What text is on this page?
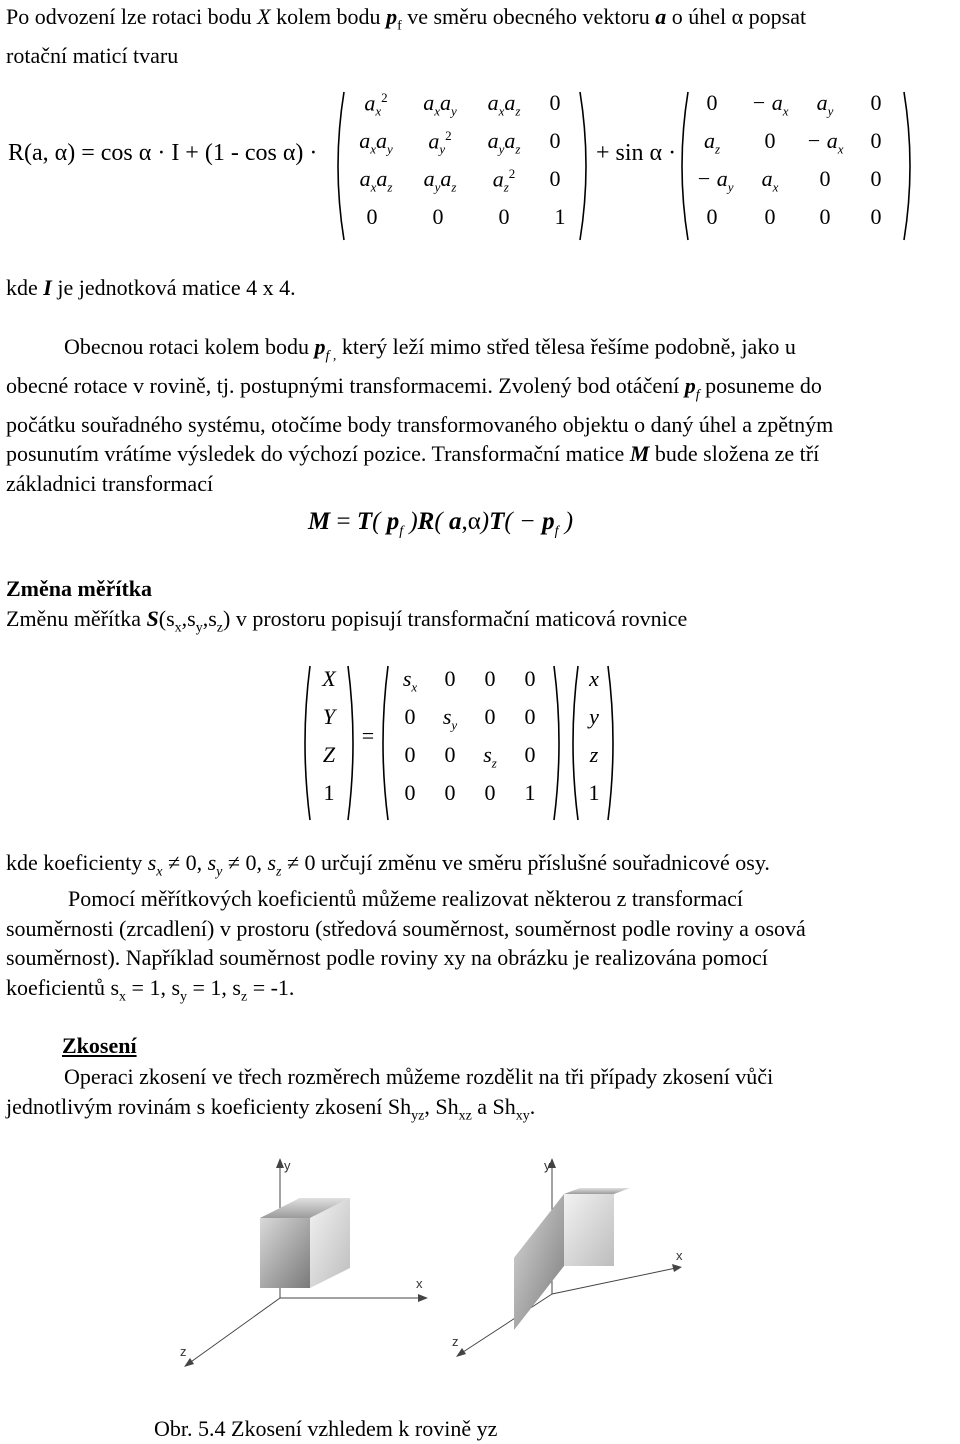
Po odvození lze rotaci bodu X kolem bodu $p_f$ ve směru obecného vektoru a o úhel α popsat
rotační maticí tvaru

R(a, α) = cos α · I + (1 - cos α) ·
$a_x^2$	$a_xa_y$	$a_xa_z$	0
$a_xa_y$	$a_y^2$	$a_ya_z$	0
$a_xa_z$	$a_ya_z$	$a_z^2$	0
0	0	0	1
+ sin α ·
0	− $a_x$	$a_y$	0
$a_z$	0	− $a_x$	0
− $a_y$	$a_x$	0	0
0	0	0	0

kde I je jednotková matice 4 x 4.

Obecnou rotaci kolem bodu $p_{f ,}$ který leží mimo střed tělesa řešíme podobně, jako u
obecné rotace v rovině, tj. postupnými transformacemi. Zvolený bod otáčení $p_f$ posuneme do
počátku souřadného systému, otočíme body transformovaného objektu o daný úhel a zpětným
posunutím vrátíme výsledek do výchozí pozice. Transformační matice M bude složena ze tří
základnici transformací

M = T( $p_f$ )R( $a,\alpha)T( - p_f$ )
Změna měřítka

Změnu měřítka $S(s_x,s_y,s_z)$ v prostoru popisují transformační maticová rovnice

X
Y
Z
1
=
$s_x$	0	0	0
0	$s_y$	0	0
0	0	$s_z$	0
0	0	0	1
x
y
z
1

kde koeficienty $s_x \ne 0$, $s_y \ne 0$, $s_z \ne 0$ určují změnu ve směru příslušné souřadnicové osy.

Pomocí měřítkových koeficientů můžeme realizovat některou z transformací
souměrnosti (zrcadlení) v prostoru (středová souměrnost, souměrnost podle roviny a osová
souměrnost). Například souměrnost podle roviny xy na obrázku je realizována pomocí
koeficientů $s_x = 1$, $s_y = 1$, $s_z = -1$.

Zkosení

Operaci zkosení ve třech rozměrech můžeme rozdělit na tři případy zkosení vůči
jednotlivým rovinám s koeficienty zkosení $Sh_{yz}$, $Sh_{xz}$ a $Sh_{xy}$.

y
x
z
y
x
z
Obr. 5.4 Zkosení vzhledem k rovině yz
